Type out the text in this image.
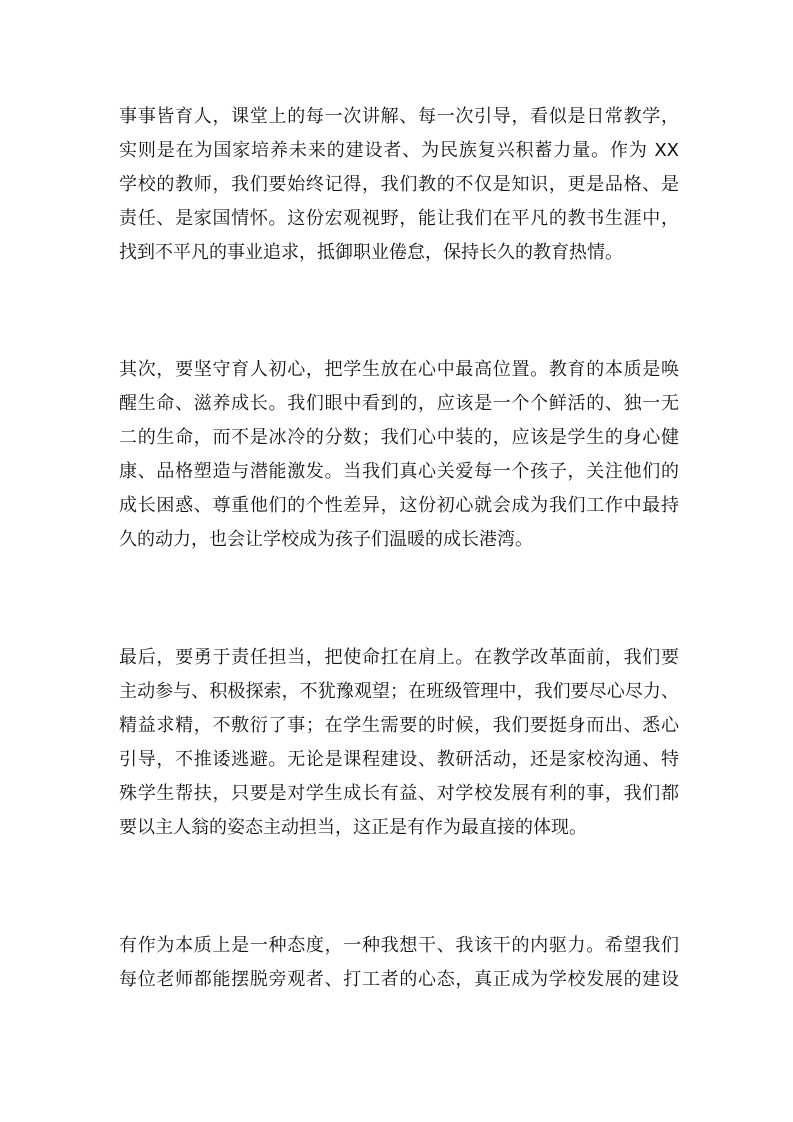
事事皆育人，课堂上的每一次讲解、每一次引导，看似是日常教学，
实则是在为国家培养未来的建设者、为民族复兴积蓄力量。作为 XX
学校的教师，我们要始终记得，我们教的不仅是知识，更是品格、是
责任、是家国情怀。这份宏观视野，能让我们在平凡的教书生涯中，
找到不平凡的事业追求，抵御职业倦怠，保持长久的教育热情。
其次，要坚守育人初心，把学生放在心中最高位置。教育的本质是唤
醒生命、滋养成长。我们眼中看到的，应该是一个个鲜活的、独一无
二的生命，而不是冰冷的分数；我们心中装的，应该是学生的身心健
康、品格塑造与潜能激发。当我们真心关爱每一个孩子，关注他们的
成长困惑、尊重他们的个性差异，这份初心就会成为我们工作中最持
久的动力，也会让学校成为孩子们温暖的成长港湾。
最后，要勇于责任担当，把使命扛在肩上。在教学改革面前，我们要
主动参与、积极探索，不犹豫观望；在班级管理中，我们要尽心尽力、
精益求精，不敷衍了事；在学生需要的时候，我们要挺身而出、悉心
引导，不推诿逃避。无论是课程建设、教研活动，还是家校沟通、特
殊学生帮扶，只要是对学生成长有益、对学校发展有利的事，我们都
要以主人翁的姿态主动担当，这正是有作为最直接的体现。
有作为本质上是一种态度，一种我想干、我该干的内驱力。希望我们
每位老师都能摆脱旁观者、打工者的心态，真正成为学校发展的建设
